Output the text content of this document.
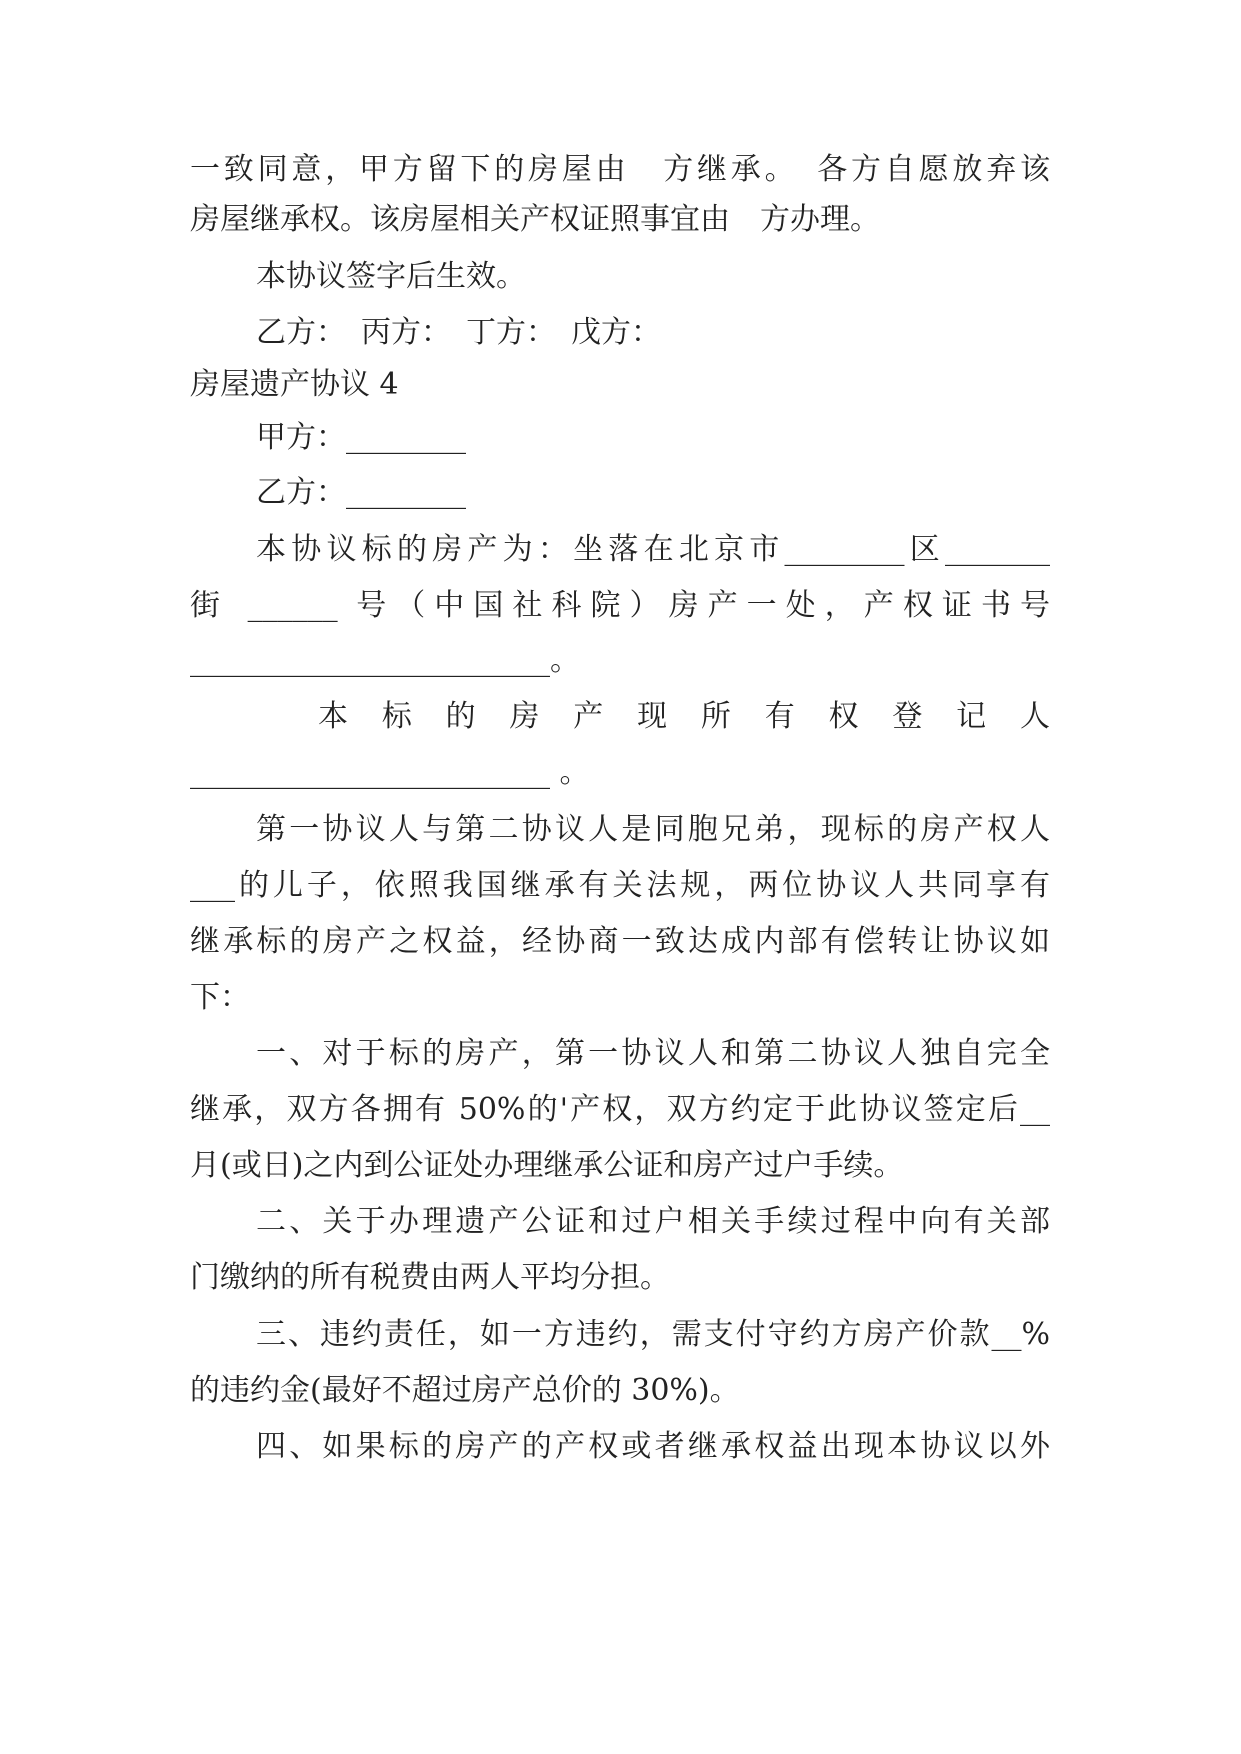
一致同意，甲方留下的房屋由　方继承。　各方自愿放弃该
房屋继承权。该房屋相关产权证照事宜由　方办理。
本协议签字后生效。
乙方：　丙方：　丁方：　戊方：
房屋遗产协议 4
甲方：________
乙方：________
本协议标的房产为：坐落在北京市________区_______
街 ______ 号（中国社科院）房产一处，产权证书号
________________________。
本 标 的 房 产 现 所 有 权 登 记 人
________________________ 。
第一协议人与第二协议人是同胞兄弟，现标的房产权人
___的儿子，依照我国继承有关法规，两位协议人共同享有
继承标的房产之权益，经协商一致达成内部有偿转让协议如
下：
一、对于标的房产，第一协议人和第二协议人独自完全
继承，双方各拥有 50%的'产权，双方约定于此协议签定后__
月(或日)之内到公证处办理继承公证和房产过户手续。
二、关于办理遗产公证和过户相关手续过程中向有关部
门缴纳的所有税费由两人平均分担。
三、违约责任，如一方违约，需支付守约方房产价款__%
的违约金(最好不超过房产总价的 30%)。
四、如果标的房产的产权或者继承权益出现本协议以外
